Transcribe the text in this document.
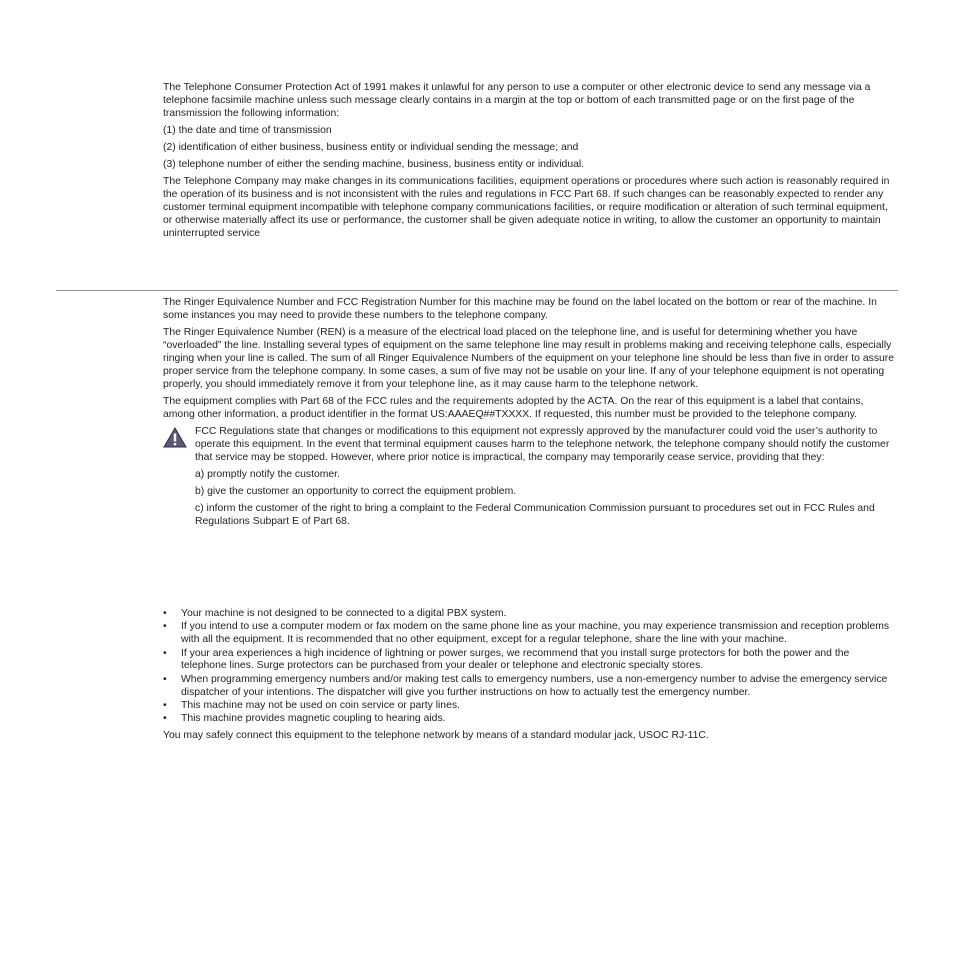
The Telephone Consumer Protection Act of 1991 makes it unlawful for any person to use a computer or other electronic device to send any message via a telephone facsimile machine unless such message clearly contains in a margin at the top or bottom of each transmitted page or on the first page of the transmission the following information:

(1) the date and time of transmission

(2) identification of either business, business entity or individual sending the message; and

(3) telephone number of either the sending machine, business, business entity or individual.

The Telephone Company may make changes in its communications facilities, equipment operations or procedures where such action is reasonably required in the operation of its business and is not inconsistent with the rules and regulations in FCC Part 68. If such changes can be reasonably expected to render any customer terminal equipment incompatible with telephone company communications facilities, or require modification or alteration of such terminal equipment, or otherwise materially affect its use or performance, the customer shall be given adequate notice in writing, to allow the customer an opportunity to maintain uninterrupted service

The Ringer Equivalence Number and FCC Registration Number for this machine may be found on the label located on the bottom or rear of the machine. In some instances you may need to provide these numbers to the telephone company.

The Ringer Equivalence Number (REN) is a measure of the electrical load placed on the telephone line, and is useful for determining whether you have “overloaded” the line. Installing several types of equipment on the same telephone line may result in problems making and receiving telephone calls, especially ringing when your line is called. The sum of all Ringer Equivalence Numbers of the equipment on your telephone line should be less than five in order to assure proper service from the telephone company. In some cases, a sum of five may not be usable on your line. If any of your telephone equipment is not operating properly, you should immediately remove it from your telephone line, as it may cause harm to the telephone network.

The equipment complies with Part 68 of the FCC rules and the requirements adopted by the ACTA. On the rear of this equipment is a label that contains, among other information, a product identifier in the format US:AAAEQ##TXXXX. If requested, this number must be provided to the telephone company.

FCC Regulations state that changes or modifications to this equipment not expressly approved by the manufacturer could void the user’s authority to operate this equipment. In the event that terminal equipment causes harm to the telephone network, the telephone company should notify the customer that service may be stopped. However, where prior notice is impractical, the company may temporarily cease service, providing that they:

a) promptly notify the customer.

b) give the customer an opportunity to correct the equipment problem.

c) inform the customer of the right to bring a complaint to the Federal Communication Commission pursuant to procedures set out in FCC Rules and Regulations Subpart E of Part 68.

• Your machine is not designed to be connected to a digital PBX system.
• If you intend to use a computer modem or fax modem on the same phone line as your machine, you may experience transmission and reception problems with all the equipment. It is recommended that no other equipment, except for a regular telephone, share the line with your machine.
• If your area experiences a high incidence of lightning or power surges, we recommend that you install surge protectors for both the power and the telephone lines. Surge protectors can be purchased from your dealer or telephone and electronic specialty stores.
• When programming emergency numbers and/or making test calls to emergency numbers, use a non-emergency number to advise the emergency service dispatcher of your intentions. The dispatcher will give you further instructions on how to actually test the emergency number.
• This machine may not be used on coin service or party lines.
• This machine provides magnetic coupling to hearing aids.

You may safely connect this equipment to the telephone network by means of a standard modular jack, USOC RJ-11C.
